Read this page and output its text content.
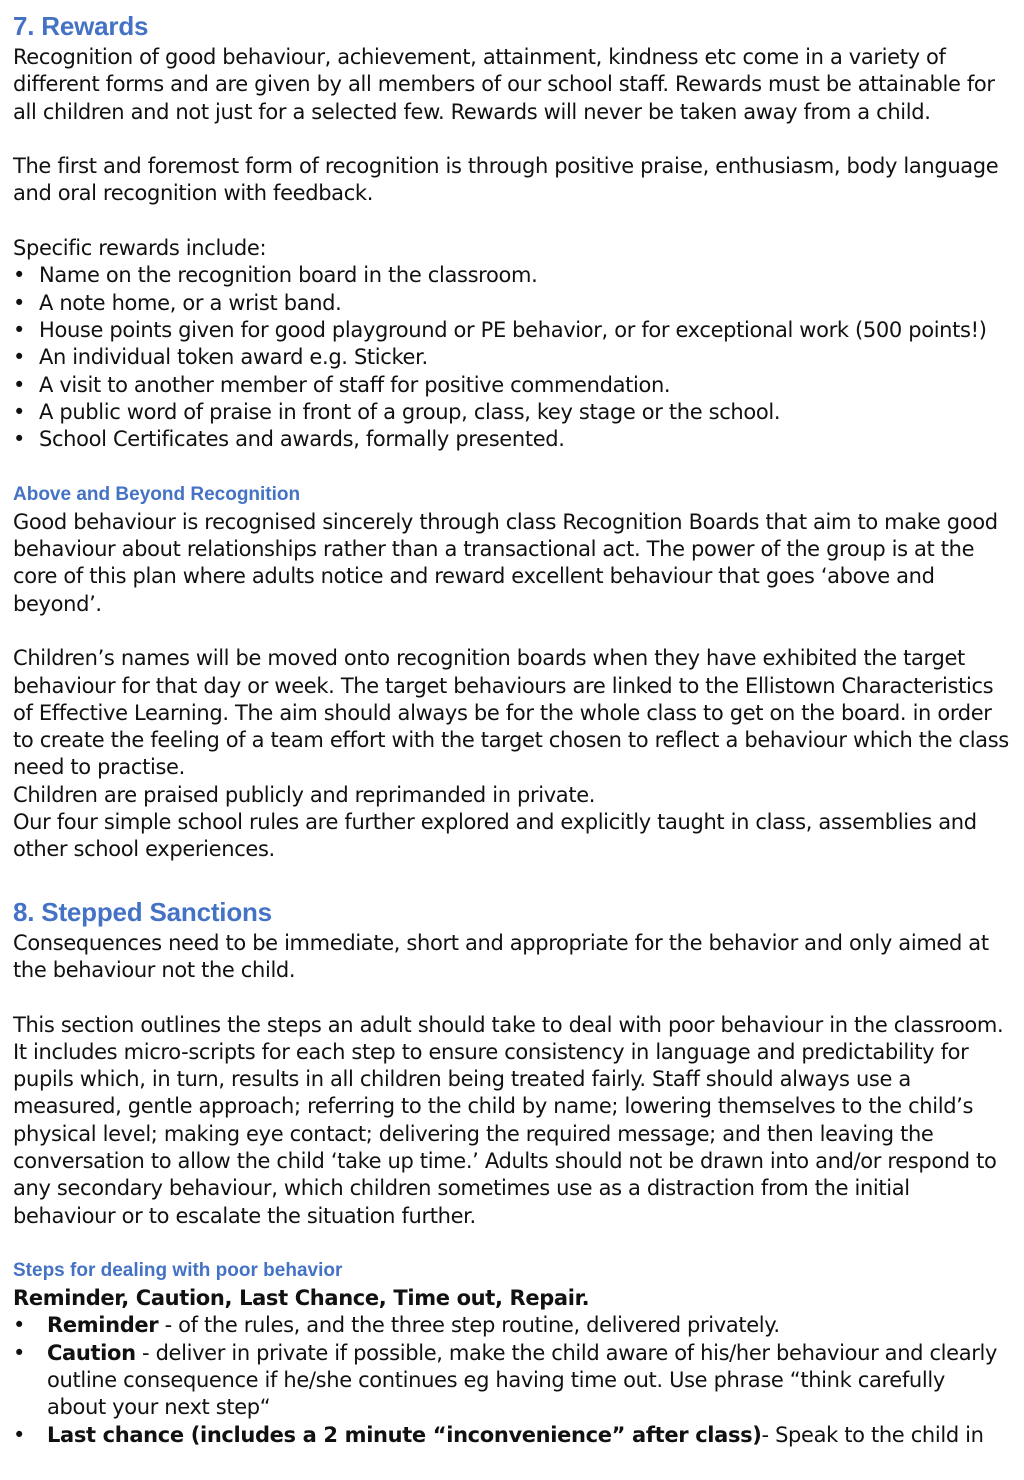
7. Rewards

Recognition of good behaviour, achievement, attainment, kindness etc come in a variety of different forms and are given by all members of our school staff. Rewards must be attainable for all children and not just for a selected few. Rewards will never be taken away from a child.

The first and foremost form of recognition is through positive praise, enthusiasm, body language and oral recognition with feedback.

Specific rewards include:

• Name on the recognition board in the classroom.
• A note home, or a wrist band.
• House points given for good playground or PE behavior, or for exceptional work (500 points!)
• An individual token award e.g. Sticker.
• A visit to another member of staff for positive commendation.
• A public word of praise in front of a group, class, key stage or the school.
• School Certificates and awards, formally presented.
Above and Beyond Recognition

Good behaviour is recognised sincerely through class Recognition Boards that aim to make good behaviour about relationships rather than a transactional act. The power of the group is at the core of this plan where adults notice and reward excellent behaviour that goes ‘above and beyond’.

Children’s names will be moved onto recognition boards when they have exhibited the target behaviour for that day or week. The target behaviours are linked to the Ellistown Characteristics of Effective Learning. The aim should always be for the whole class to get on the board. in order to create the feeling of a team effort with the target chosen to reflect a behaviour which the class need to practise.

Children are praised publicly and reprimanded in private.

Our four simple school rules are further explored and explicitly taught in class, assemblies and other school experiences.

8. Stepped Sanctions

Consequences need to be immediate, short and appropriate for the behavior and only aimed at the behaviour not the child.

This section outlines the steps an adult should take to deal with poor behaviour in the classroom. It includes micro-scripts for each step to ensure consistency in language and predictability for pupils which, in turn, results in all children being treated fairly. Staff should always use a measured, gentle approach; referring to the child by name; lowering themselves to the child’s physical level; making eye contact; delivering the required message; and then leaving the conversation to allow the child ‘take up time.’ Adults should not be drawn into and/or respond to any secondary behaviour, which children sometimes use as a distraction from the initial behaviour or to escalate the situation further.

Steps for dealing with poor behavior

Reminder, Caution, Last Chance, Time out, Repair.

•	Reminder - of the rules, and the three step routine, delivered privately.
•	Caution - deliver in private if possible, make the child aware of his/her behaviour and clearly outline consequence if he/she continues eg having time out. Use phrase “think carefully about your next step“
•	Last chance (includes a 2 minute “inconvenience” after class)- Speak to the child in
